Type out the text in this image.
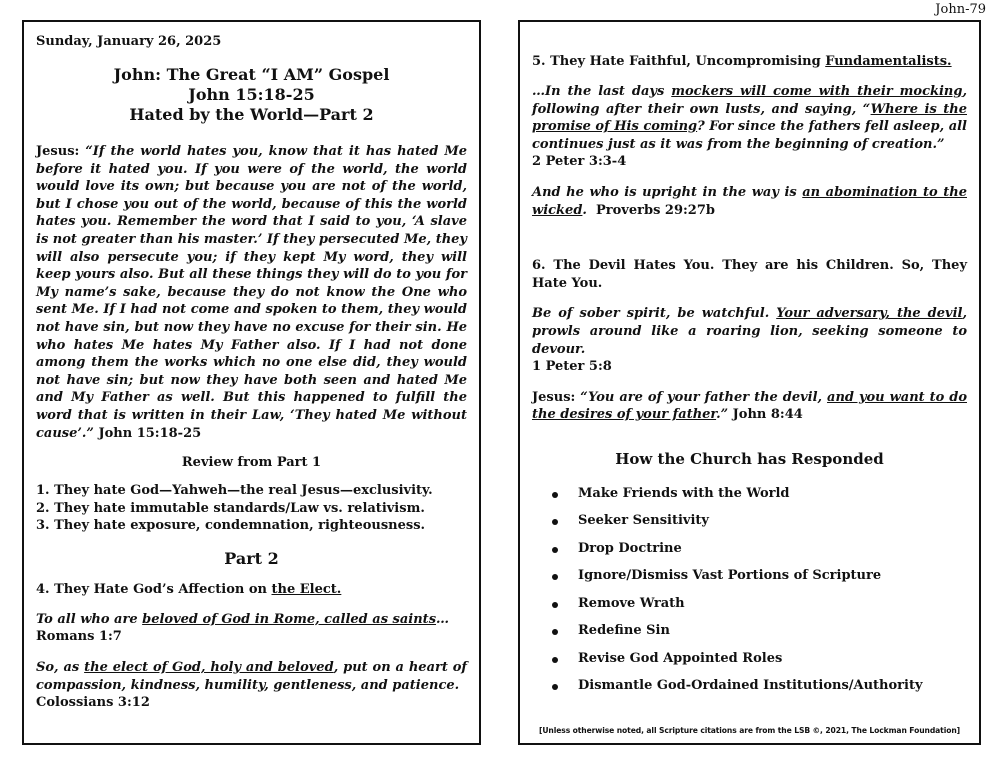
John-79
Sunday, January 26, 2025
John: The Great “I AM” Gospel
John 15:18-25
Hated by the World—Part 2

Jesus: “If the world hates you, know that it has hated Me before it hated you. If you were of the world, the world would love its own; but because you are not of the world, but I chose you out of the world, because of this the world hates you. Remember the word that I said to you, ‘A slave is not greater than his master.’ If they persecuted Me, they will also persecute you; if they kept My word, they will keep yours also. But all these things they will do to you for My name’s sake, because they do not know the One who sent Me. If I had not come and spoken to them, they would not have sin, but now they have no excuse for their sin. He who hates Me hates My Father also. If I had not done among them the works which no one else did, they would not have sin; but now they have both seen and hated Me and My Father as well. But this happened to fulfill the word that is written in their Law, ‘They hated Me without cause’.” John 15:18-25

Review from Part 1
1. They hate God—Yahweh—the real Jesus—exclusivity.
2. They hate immutable standards/Law vs. relativism.
3. They hate exposure, condemnation, righteousness.
Part 2

4. They Hate God’s Affection on the Elect.

To all who are beloved of God in Rome, called as saints…
Romans 1:7

So, as the elect of God, holy and beloved, put on a heart of compassion, kindness, humility, gentleness, and patience.
Colossians 3:12

5. They Hate Faithful, Uncompromising Fundamentalists.

…In the last days mockers will come with their mocking, following after their own lusts, and saying, “Where is the promise of His coming? For since the fathers fell asleep, all continues just as it was from the beginning of creation.”
2 Peter 3:3-4

And he who is upright in the way is an abomination to the wicked. Proverbs 29:27b

6. The Devil Hates You. They are his Children. So, They Hate You.

Be of sober spirit, be watchful. Your adversary, the devil, prowls around like a roaring lion, seeking someone to devour.
1 Peter 5:8

Jesus: “You are of your father the devil, and you want to do the desires of your father.” John 8:44

How the Church has Responded
Make Friends with the World
Seeker Sensitivity
Drop Doctrine
Ignore/Dismiss Vast Portions of Scripture
Remove Wrath
Redefine Sin
Revise God Appointed Roles
Dismantle God-Ordained Institutions/Authority
[Unless otherwise noted, all Scripture citations are from the LSB ©, 2021, The Lockman Foundation]
